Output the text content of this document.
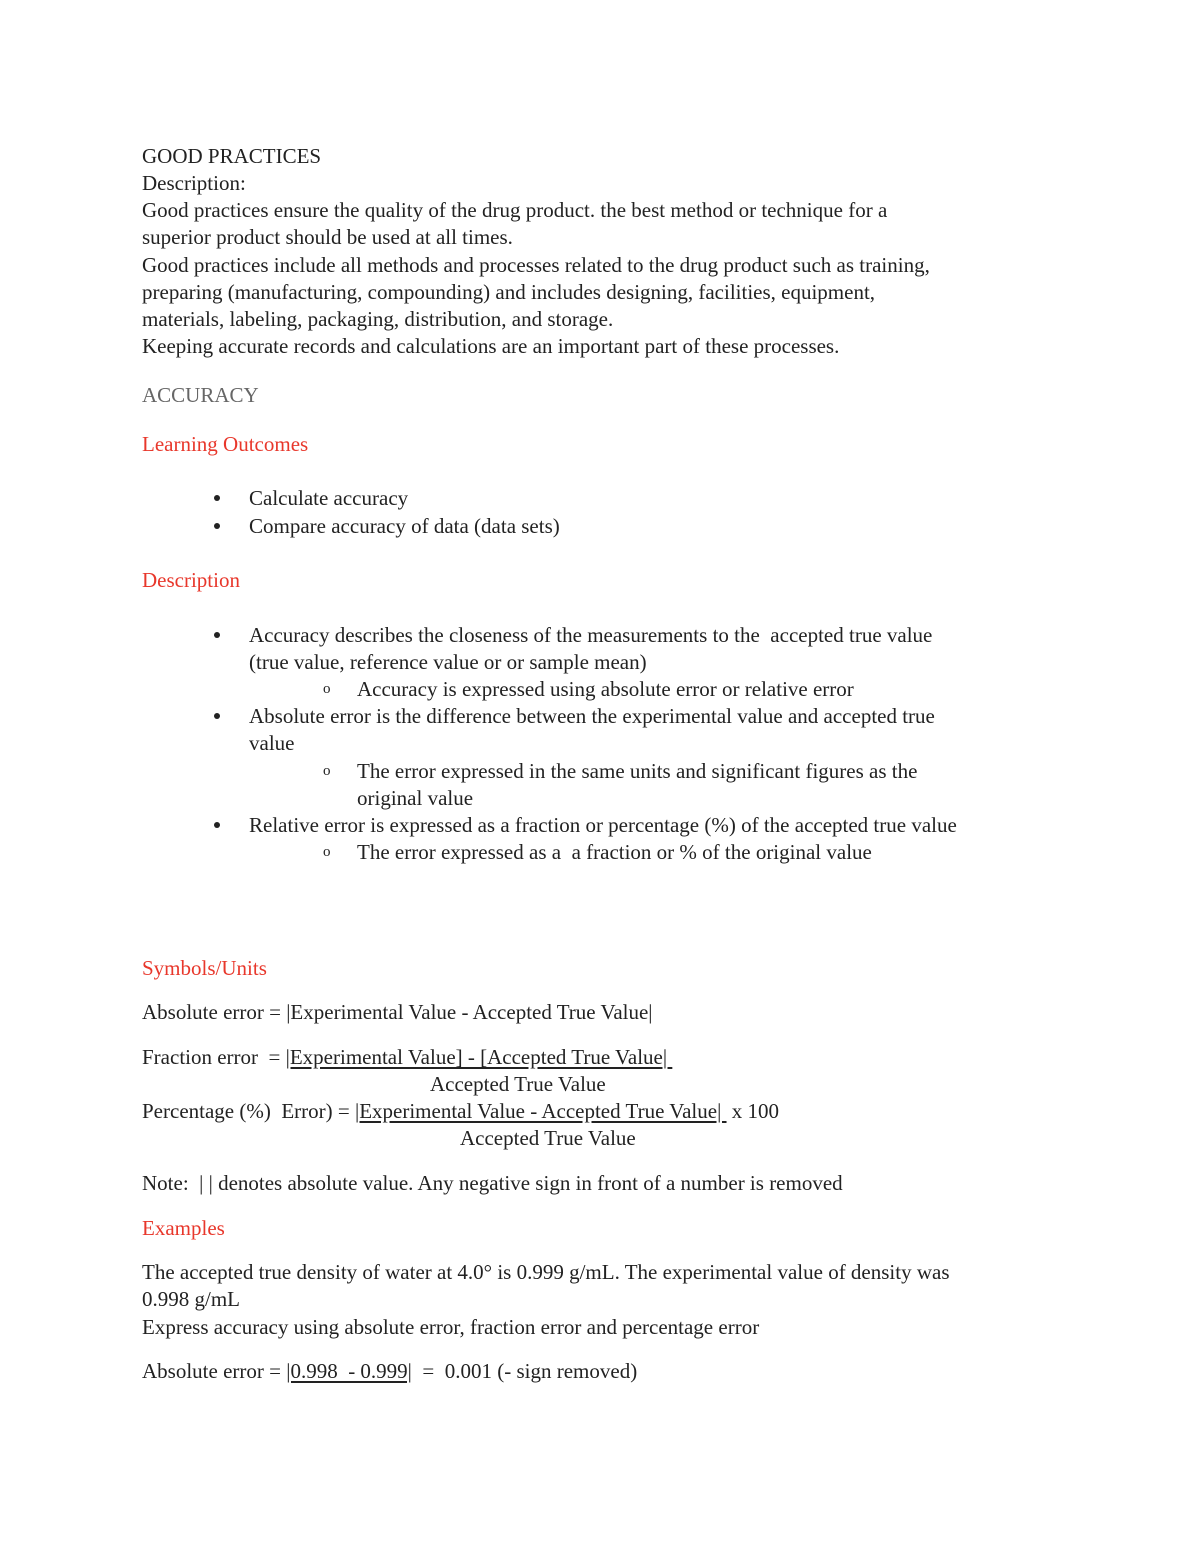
GOOD PRACTICES
Description:
Good practices ensure the quality of the drug product. the best method or technique for a
superior product should be used at all times.
Good practices include all methods and processes related to the drug product such as training,
preparing (manufacturing, compounding) and includes designing, facilities, equipment,
materials, labeling, packaging, distribution, and storage.
Keeping accurate records and calculations are an important part of these processes.
ACCURACY
Learning Outcomes
Calculate accuracy
Compare accuracy of data (data sets)
Description
Accuracy describes the closeness of the measurements to the  accepted true value
(true value, reference value or or sample mean)
o Accuracy is expressed using absolute error or relative error
Absolute error is the difference between the experimental value and accepted true
value
o The error expressed in the same units and significant figures as the
original value
Relative error is expressed as a fraction or percentage (%) of the accepted true value
o The error expressed as a  a fraction or % of the original value
Symbols/Units
Absolute error = |Experimental Value - Accepted True Value|
Fraction error  = |Experimental Value] - [Accepted True Value|
Accepted True Value
Percentage (%)  Error) = |Experimental Value - Accepted True Value|  x 100
Accepted True Value
Note:  | | denotes absolute value. Any negative sign in front of a number is removed
Examples
The accepted true density of water at 4.0° is 0.999 g/mL. The experimental value of density was
0.998 g/mL
Express accuracy using absolute error, fraction error and percentage error
Absolute error = |0.998  - 0.999|  =  0.001 (- sign removed)
